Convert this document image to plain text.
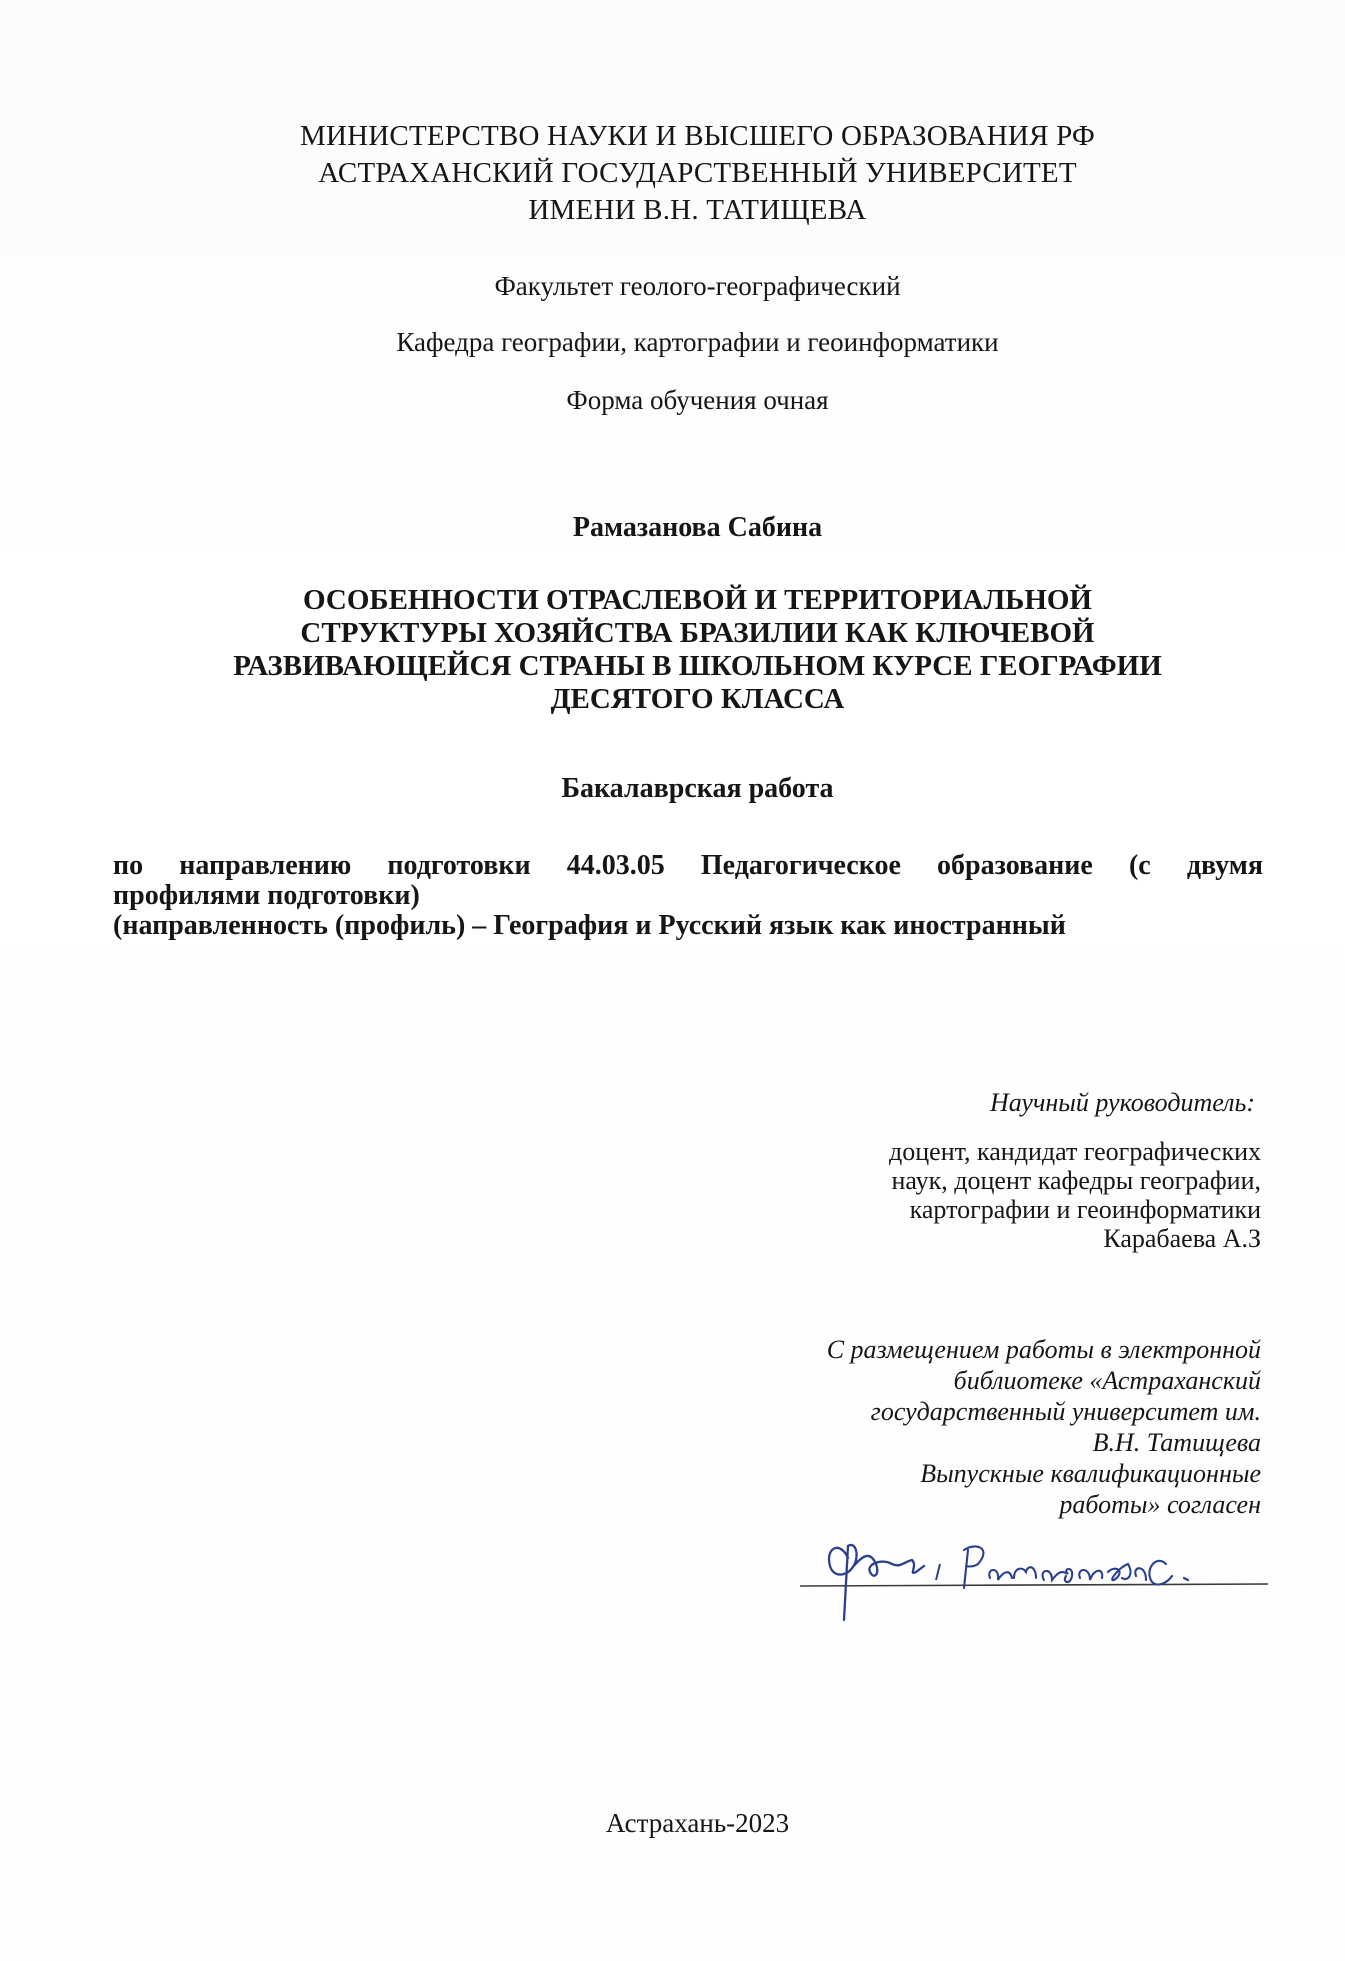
МИНИСТЕРСТВО НАУКИ И ВЫСШЕГО ОБРАЗОВАНИЯ РФ
АСТРАХАНСКИЙ ГОСУДАРСТВЕННЫЙ УНИВЕРСИТЕТ
ИМЕНИ В.Н. ТАТИЩЕВА
Факультет геолого-географический
Кафедра географии, картографии и геоинформатики
Форма обучения очная
Рамазанова Сабина
ОСОБЕННОСТИ ОТРАСЛЕВОЙ И ТЕРРИТОРИАЛЬНОЙ
СТРУКТУРЫ ХОЗЯЙСТВА БРАЗИЛИИ КАК КЛЮЧЕВОЙ
РАЗВИВАЮЩЕЙСЯ СТРАНЫ В ШКОЛЬНОМ КУРСЕ ГЕОГРАФИИ
ДЕСЯТОГО КЛАССА
Бакалаврская работа
по направлению подготовки 44.03.05 Педагогическое образование (с двумя
профилями подготовки)
(направленность (профиль) – География и Русский язык как иностранный
Научный руководитель:
доцент, кандидат географических
наук, доцент кафедры географии,
картографии и геоинформатики
Карабаева А.З
С размещением работы в электронной
библиотеке «Астраханский
государственный университет им.
В.Н. Татищева
Выпускные квалификационные
работы» согласен
Астрахань-2023
